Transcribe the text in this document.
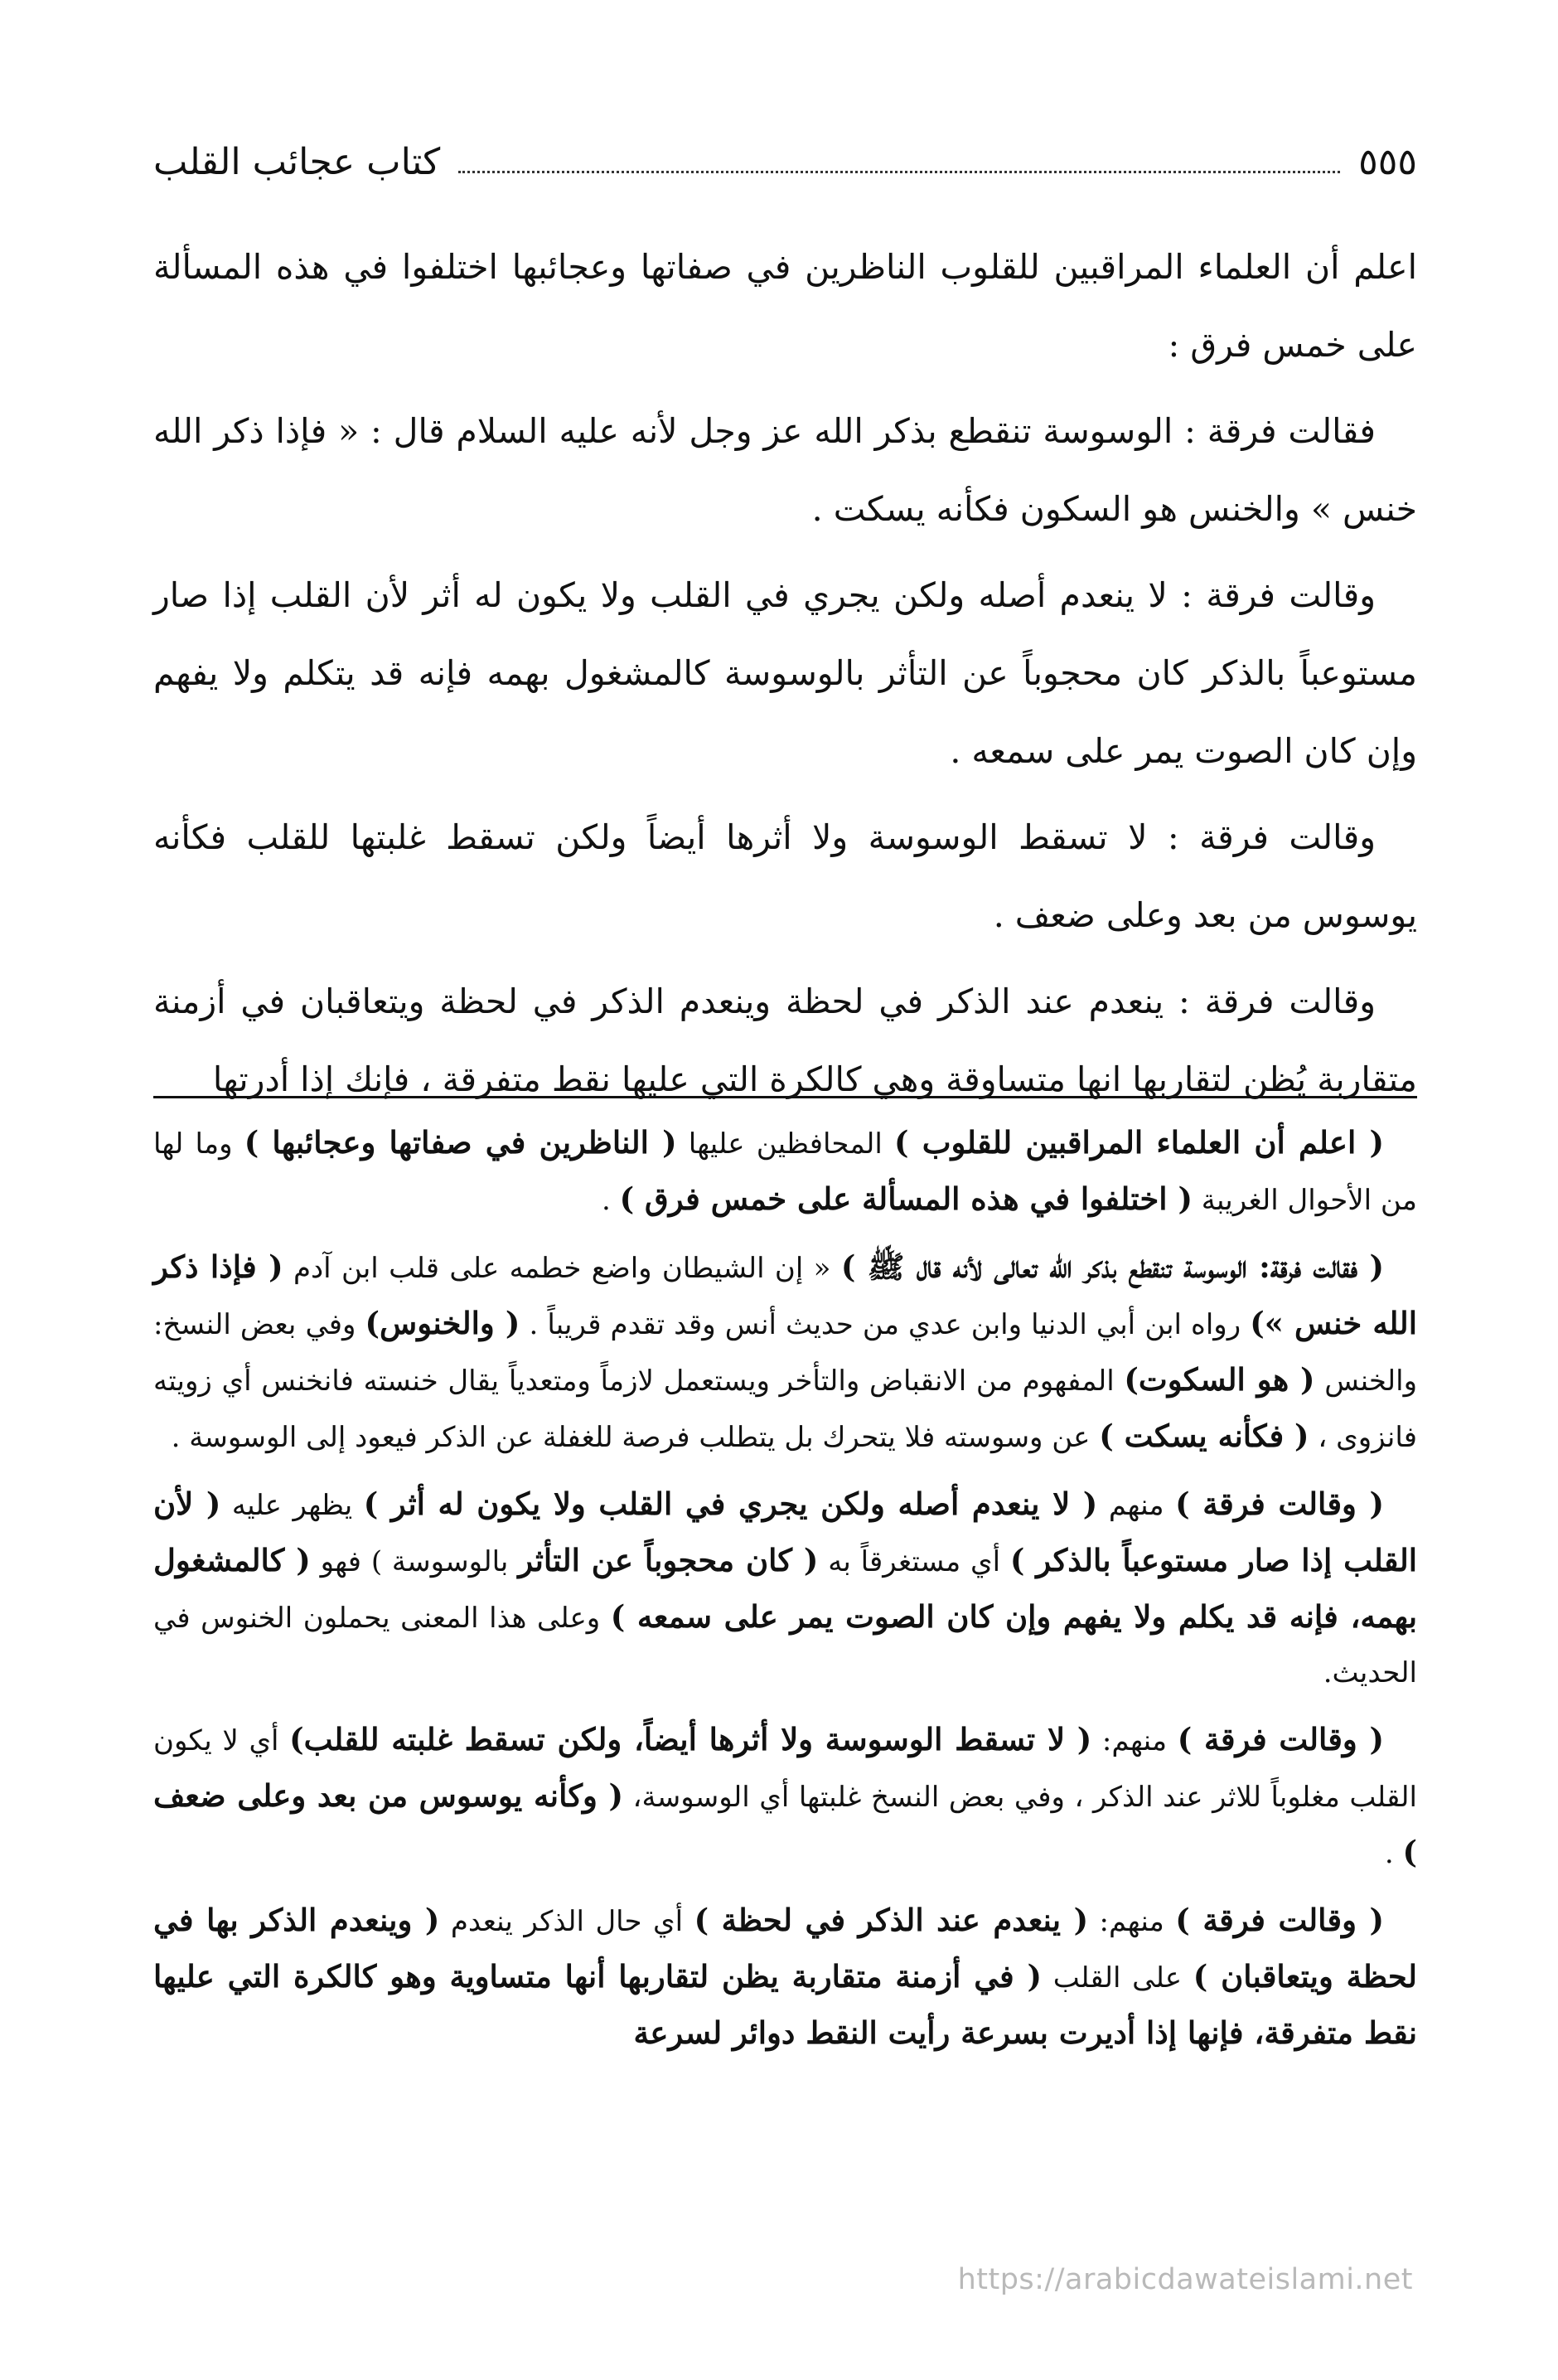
كتاب عجائب القلب	٥٥٥

اعلم أن العلماء المراقبين للقلوب الناظرين في صفاتها وعجائبها اختلفوا في هذه المسألة على خمس فرق :

فقالت فرقة : الوسوسة تنقطع بذكر الله عز وجل لأنه عليه السلام قال : « فإذا ذكر الله خنس » والخنس هو السكون فكأنه يسكت .

وقالت فرقة : لا ينعدم أصله ولكن يجري في القلب ولا يكون له أثر لأن القلب إذا صار مستوعباً بالذكر كان محجوباً عن التأثر بالوسوسة كالمشغول بهمه فإنه قد يتكلم ولا يفهم وإن كان الصوت يمر على سمعه .

وقالت فرقة : لا تسقط الوسوسة ولا أثرها أيضاً ولكن تسقط غلبتها للقلب فكأنه يوسوس من بعد وعلى ضعف .

وقالت فرقة : ينعدم عند الذكر في لحظة وينعدم الذكر في لحظة ويتعاقبان في أزمنة متقاربة يُظن لتقاربها انها متساوقة وهي كالكرة التي عليها نقط متفرقة ، فإنك إذا أدرتها

( اعلم أن العلماء المراقبين للقلوب ) المحافظين عليها ( الناظرين في صفاتها وعجائبها ) وما لها من الأحوال الغريبة ( اختلفوا في هذه المسألة على خمس فرق ) .

( فقالت فرقة: الوسوسة تنقطع بذكر الله تعالى لأنه قال ﷺ ) « إن الشيطان واضع خطمه على قلب ابن آدم ( فإذا ذكر الله خنس ») رواه ابن أبي الدنيا وابن عدي من حديث أنس وقد تقدم قريباً . ( والخنوس) وفي بعض النسخ: والخنس ( هو السكوت) المفهوم من الانقباض والتأخر ويستعمل لازماً ومتعدياً يقال خنسته فانخنس أي زويته فانزوى ، ( فكأنه يسكت ) عن وسوسته فلا يتحرك بل يتطلب فرصة للغفلة عن الذكر فيعود إلى الوسوسة .

( وقالت فرقة ) منهم ( لا ينعدم أصله ولكن يجري في القلب ولا يكون له أثر ) يظهر عليه ( لأن القلب إذا صار مستوعباً بالذكر ) أي مستغرقاً به ( كان محجوباً عن التأثر بالوسوسة ) فهو ( كالمشغول بهمه، فإنه قد يكلم ولا يفهم وإن كان الصوت يمر على سمعه ) وعلى هذا المعنى يحملون الخنوس في الحديث.

( وقالت فرقة ) منهم: ( لا تسقط الوسوسة ولا أثرها أيضاً، ولكن تسقط غلبته للقلب) أي لا يكون القلب مغلوباً للاثر عند الذكر ، وفي بعض النسخ غلبتها أي الوسوسة، ( وكأنه يوسوس من بعد وعلى ضعف ) .

( وقالت فرقة ) منهم: ( ينعدم عند الذكر في لحظة ) أي حال الذكر ينعدم ( وينعدم الذكر بها في لحظة ويتعاقبان ) على القلب ( في أزمنة متقاربة يظن لتقاربها أنها متساوية وهو كالكرة التي عليها نقط متفرقة، فإنها إذا أديرت بسرعة رأيت النقط دوائر لسرعة

https://arabicdawateislami.net
